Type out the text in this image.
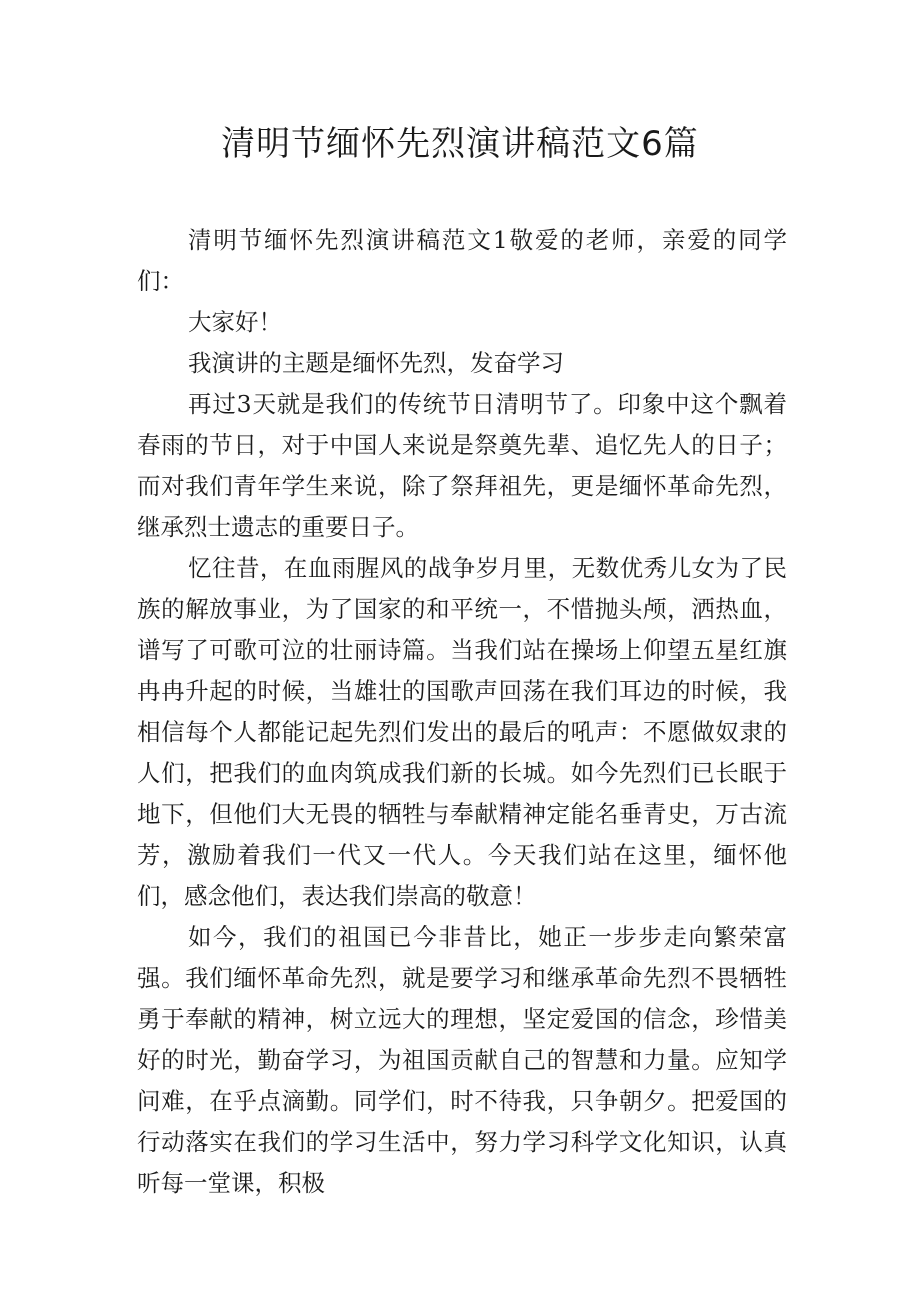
清明节缅怀先烈演讲稿范文6篇

清明节缅怀先烈演讲稿范文1敬爱的老师，亲爱的同学们：

大家好！

我演讲的主题是缅怀先烈，发奋学习

再过3天就是我们的传统节日清明节了。印象中这个飘着春雨的节日，对于中国人来说是祭奠先辈、追忆先人的日子；而对我们青年学生来说，除了祭拜祖先，更是缅怀革命先烈，继承烈士遗志的重要日子。

忆往昔，在血雨腥风的战争岁月里，无数优秀儿女为了民族的解放事业，为了国家的和平统一，不惜抛头颅，洒热血，谱写了可歌可泣的壮丽诗篇。当我们站在操场上仰望五星红旗冉冉升起的时候，当雄壮的国歌声回荡在我们耳边的时候，我相信每个人都能记起先烈们发出的最后的吼声：不愿做奴隶的人们，把我们的血肉筑成我们新的长城。如今先烈们已长眠于地下，但他们大无畏的牺牲与奉献精神定能名垂青史，万古流芳，激励着我们一代又一代人。今天我们站在这里，缅怀他们，感念他们，表达我们崇高的敬意！

如今，我们的祖国已今非昔比，她正一步步走向繁荣富强。我们缅怀革命先烈，就是要学习和继承革命先烈不畏牺牲勇于奉献的精神，树立远大的理想，坚定爱国的信念，珍惜美好的时光，勤奋学习，为祖国贡献自己的智慧和力量。应知学问难，在乎点滴勤。同学们，时不待我，只争朝夕。把爱国的行动落实在我们的学习生活中，努力学习科学文化知识，认真听每一堂课，积极
